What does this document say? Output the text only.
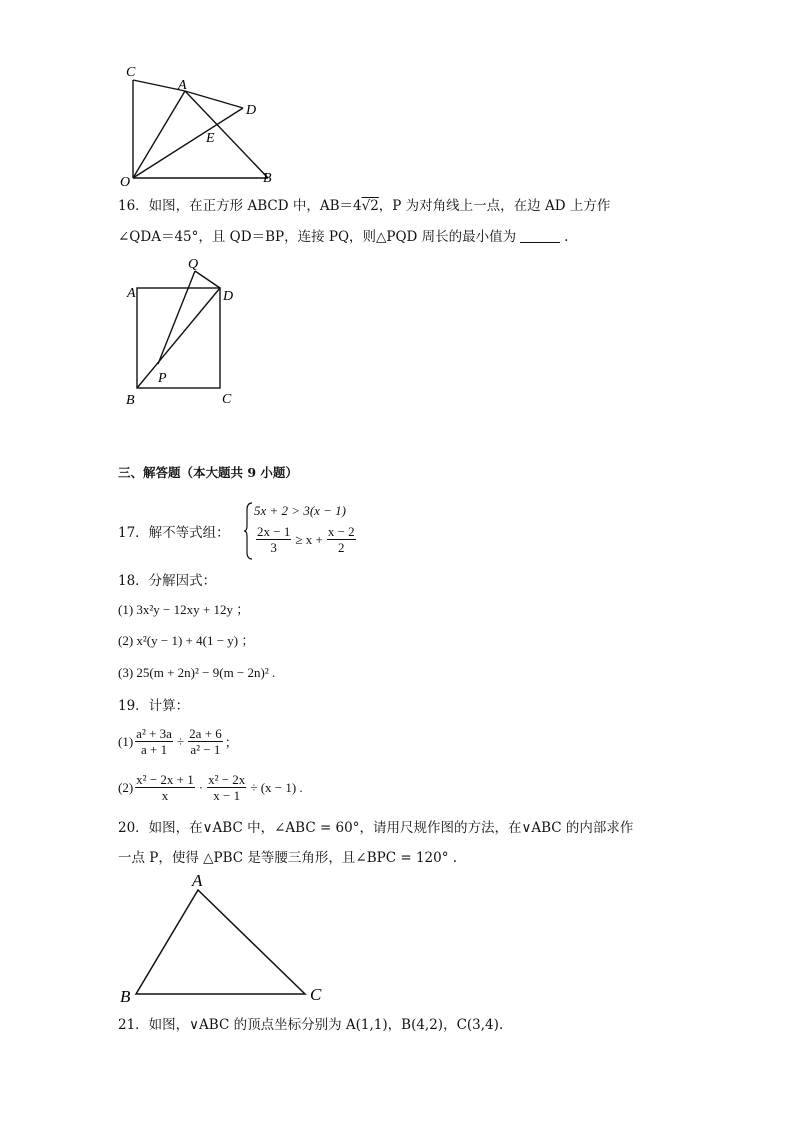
C
A
D
E
O	B
16．如图，在正方形 ABCD 中，AB＝4√2，P 为对角线上一点，在边 AD 上方作
∠QDA＝45°，且 QD＝BP，连接 PQ，则△PQD 周长的最小值为	.
Q
A	D
P
B	C
三、解答题（本大题共 9 小题）
17．解不等式组：
5x + 2 > 3(x − 1)
$\frac{2x - 1}{3} \ge x + \frac{x - 2}{2}$
18．分解因式：
(1) 3x²y − 12xy + 12y ；
(2) x²(y − 1) + 4(1 − y) ；
(3) 25(m + 2n)² − 9(m − 2n)² .
19．计算：
$(1) \frac{\text{a² + 3a}}{a + 1} \div \frac{2a + 6}{\text{a² − 1}}$ ；
$(2) \frac{\text{x² − 2x + 1}}{x} \cdot \frac{\text{x² − 2x}}{x - 1} \div (x - 1)$ .
20．如图，在∨ABC 中，∠ABC = 60°，请用尺规作图的方法，在∨ABC 的内部求作
一点 P，使得 △PBC 是等腰三角形，且∠BPC = 120° .
A
B	C
21．如图，∨ABC 的顶点坐标分别为 A(1,1)，B(4,2)，C(3,4).
